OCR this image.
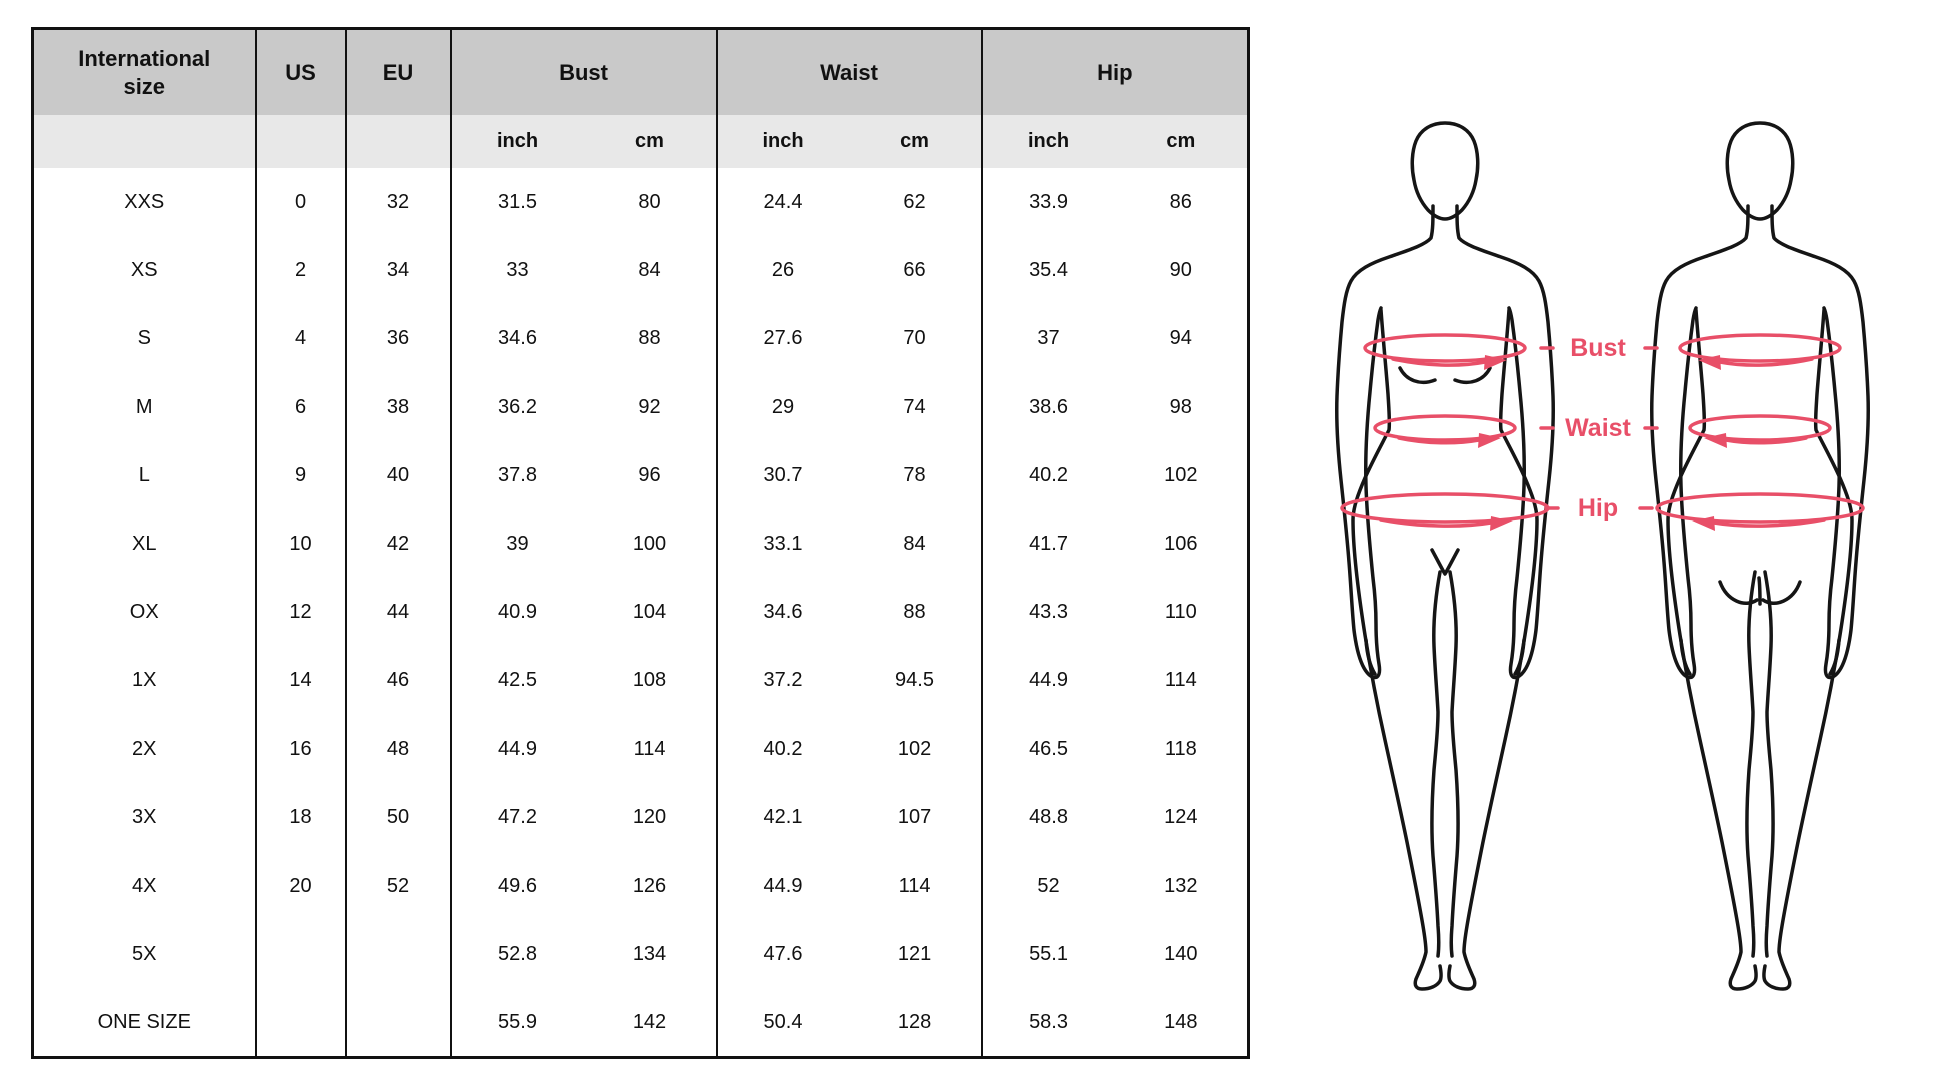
International size	US	EU	Bust		Waist		Hip	
			inch	cm	inch	cm	inch	cm
XXS	0	32	31.5	80	24.4	62	33.9	86
XS	2	34	33	84	26	66	35.4	90
S	4	36	34.6	88	27.6	70	37	94
M	6	38	36.2	92	29	74	38.6	98
L	9	40	37.8	96	30.7	78	40.2	102
XL	10	42	39	100	33.1	84	41.7	106
OX	12	44	40.9	104	34.6	88	43.3	110
1X	14	46	42.5	108	37.2	94.5	44.9	114
2X	16	48	44.9	114	40.2	102	46.5	118
3X	18	50	47.2	120	42.1	107	48.8	124
4X	20	52	49.6	126	44.9	114	52	132
5X			52.8	134	47.6	121	55.1	140
ONE SIZE			55.9	142	50.4	128	58.3	148
Bust
Waist
Hip
